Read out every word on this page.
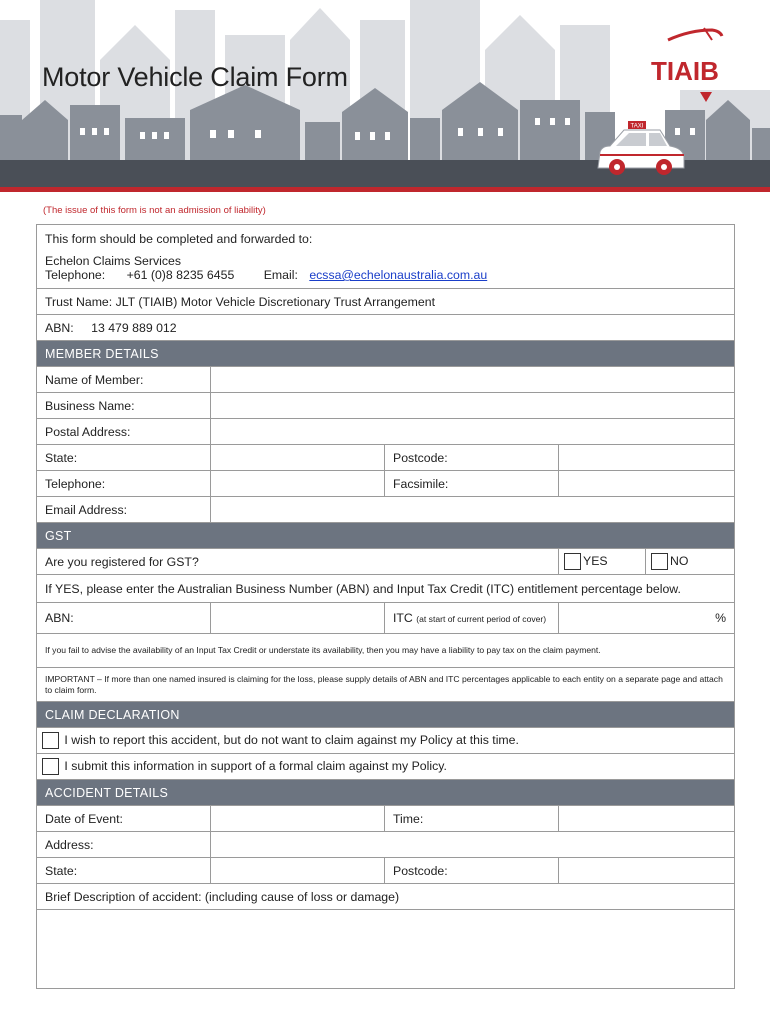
TAXI
TIAIB
Motor Vehicle Claim Form
(The issue of this form is not an admission of liability)
This form should be completed and forwarded to:
Echelon Claims Services
Telephone: +61 (0)8 8235 6455 Email: ecssa@echelonaustralia.com.au				

Trust Name: JLT (TIAIB) Motor Vehicle Discretionary Trust Arrangement				
ABN: 13 479 889 012				
MEMBER DETAILS				
Name of Member:				
Business Name:				
Postal Address:				
State:		Postcode:		
Telephone:		Facsimile:		
Email Address:				
GST				
Are you registered for GST?			YES	NO
If YES, please enter the Australian Business Number (ABN) and Input Tax Credit (ITC) entitlement percentage below.				
ABN:		ITC (at start of current period of cover)	%	
If you fail to advise the availability of an Input Tax Credit or understate its availability, then you may have a liability to pay tax on the claim payment.				
IMPORTANT – If more than one named insured is claiming for the loss, please supply details of ABN and ITC percentages applicable to each entity on a separate page and attach to claim form.				
CLAIM DECLARATION				
I wish to report this accident, but do not want to claim against my Policy at this time.				
I submit this information in support of a formal claim against my Policy.				
ACCIDENT DETAILS				
Date of Event:		Time:		
Address:				
State:		Postcode:		
Brief Description of accident: (including cause of loss or damage)				
